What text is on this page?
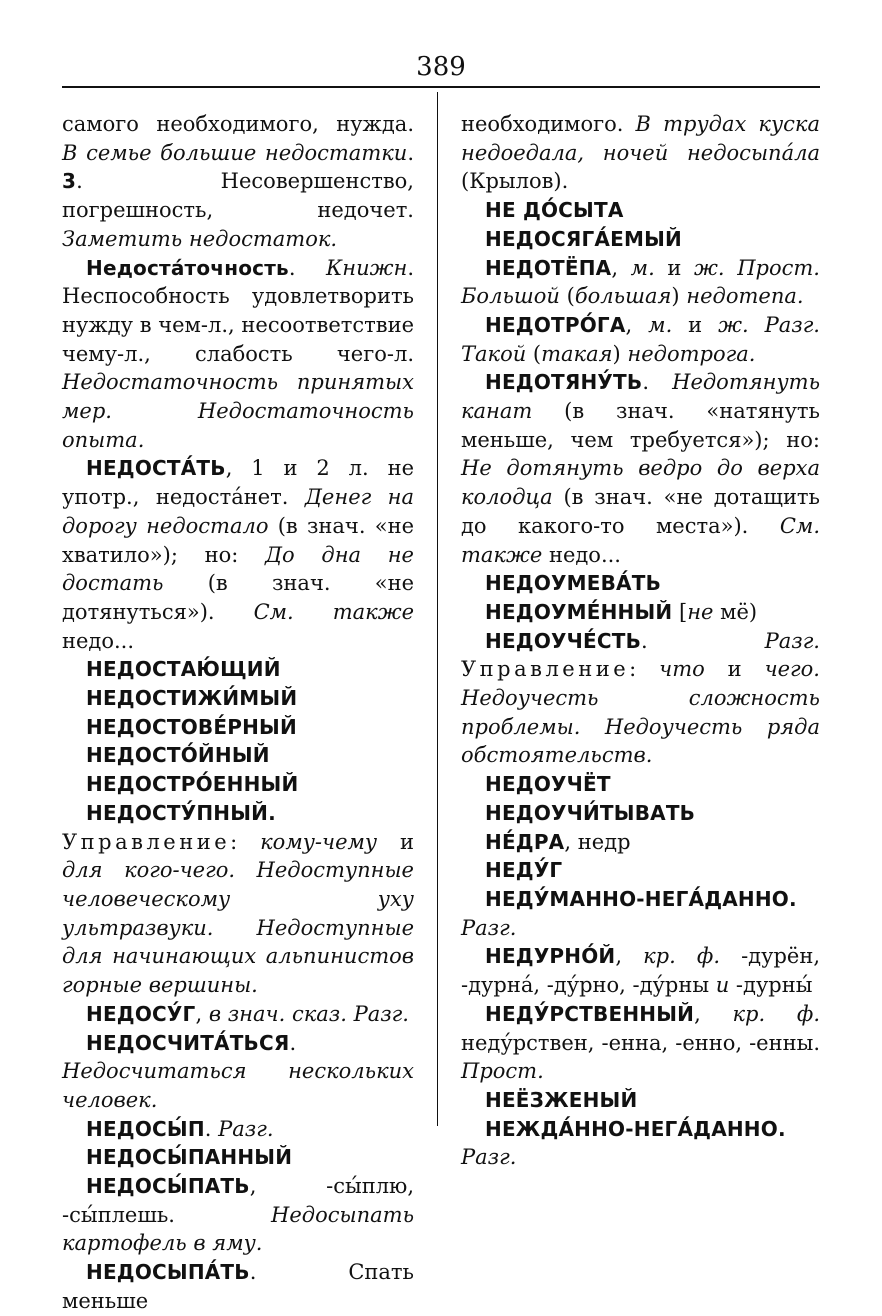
389

самого необходимого, нужда. В семье большие недостатки. 3. Несовершенство, погрешность, недочет. Заметить недостаток.

Недоста́точность. Книжн. Неспособность удовлетворить нужду в чем-л., несоответствие чему-л., слабость чего-л. Недостаточность принятых мер. Недостаточность опыта.

НЕДОСТА́ТЬ, 1 и 2 л. не употр., недоста́нет. Денег на дорогу недостало (в знач. «не хватило»); но: До дна не достать (в знач. «не дотянуться»). См. также недо...

НЕДОСТАЮ́ЩИЙ

НЕДОСТИЖИ́МЫЙ

НЕДОСТОВЕ́РНЫЙ

НЕДОСТО́ЙНЫЙ

НЕДОСТРО́ЕННЫЙ

НЕДОСТУ́ПНЫЙ. Управление: кому-чему и для кого-чего. Недоступные человеческому уху ультразвуки. Недоступные для начинающих альпинистов горные вершины.

НЕДОСУ́Г, в знач. сказ. Разг.

НЕДОСЧИТА́ТЬСЯ. Недосчитаться нескольких человек.

НЕДОСЫ́П. Разг.

НЕДОСЫ́ПАННЫЙ

НЕДОСЫ́ПАТЬ, -сы́плю, -сы́плешь. Недосыпать картофель в яму.

НЕДОСЫПА́ТЬ. Спать меньше

необходимого. В трудах куска недоедала, ночей недосыпа́ла (Крылов).

НЕ ДО́СЫТА

НЕДОСЯГА́ЕМЫЙ

НЕДОТЁПА, м. и ж. Прост. Большой (большая) недотепа.

НЕДОТРО́ГА, м. и ж. Разг. Такой (такая) недотрога.

НЕДОТЯНУ́ТЬ. Недотянуть канат (в знач. «натянуть меньше, чем требуется»); но: Не дотянуть ведро до верха колодца (в знач. «не дотащить до какого-то места»). См. также недо...

НЕДОУМЕВА́ТЬ

НЕДОУМЕ́ННЫЙ [не мё)

НЕДОУЧЕ́СТЬ. Разг. Управление: что и чего. Недоучесть сложность проблемы. Недоучесть ряда обстоятельств.

НЕДОУЧЁТ

НЕДОУЧИ́ТЫВАТЬ

НЕ́ДРА, недр

НЕДУ́Г

НЕДУ́МАННО-НЕГА́ДАННО. Разг.

НЕДУРНО́Й, кр. ф. -дурён, -дурна́, -ду́рно, -ду́рны и -дурны́

НЕДУ́РСТВЕННЫЙ, кр. ф. неду́рствен, -енна, -енно, -енны. Прост.

НЕЁЗЖЕНЫЙ

НЕЖДА́ННО-НЕГА́ДАННО. Разг.
